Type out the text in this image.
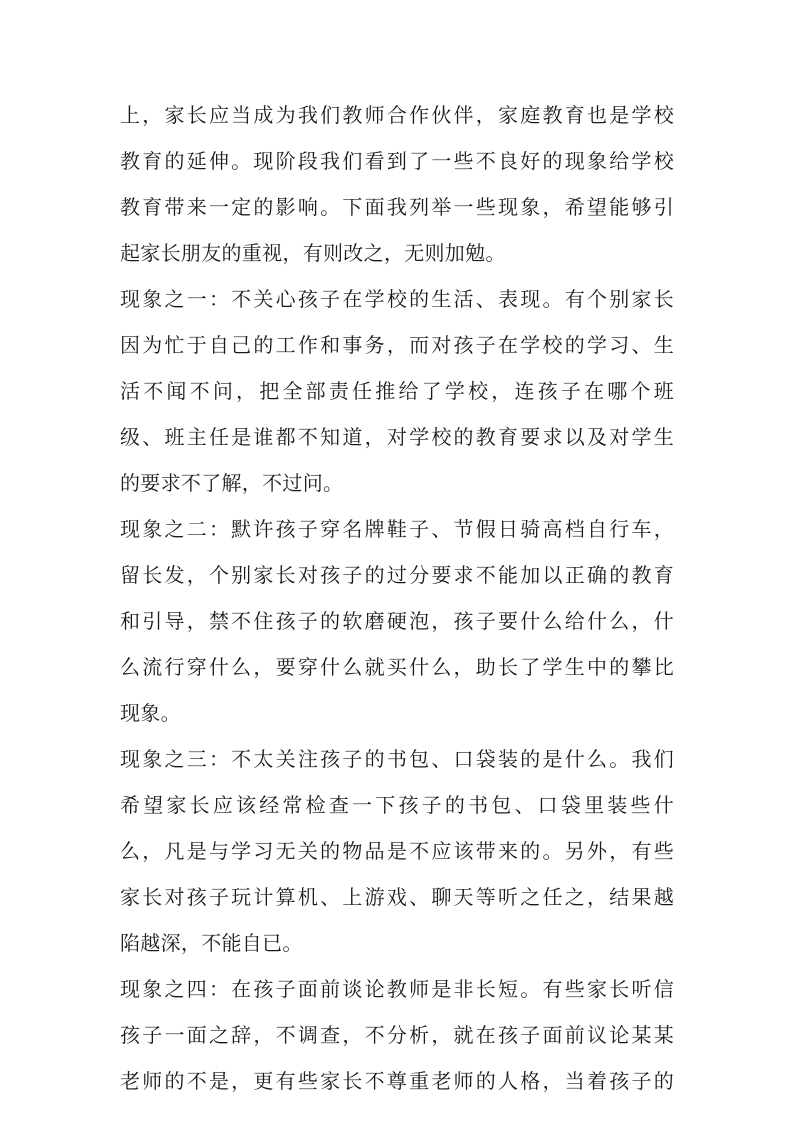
上，家长应当成为我们教师合作伙伴，家庭教育也是学校
教育的延伸。现阶段我们看到了一些不良好的现象给学校
教育带来一定的影响。下面我列举一些现象，希望能够引
起家长朋友的重视，有则改之，无则加勉。
现象之一：不关心孩子在学校的生活、表现。有个别家长
因为忙于自己的工作和事务，而对孩子在学校的学习、生
活不闻不问，把全部责任推给了学校，连孩子在哪个班
级、班主任是谁都不知道，对学校的教育要求以及对学生
的要求不了解，不过问。
现象之二：默许孩子穿名牌鞋子、节假日骑高档自行车，
留长发，个别家长对孩子的过分要求不能加以正确的教育
和引导，禁不住孩子的软磨硬泡，孩子要什么给什么，什
么流行穿什么，要穿什么就买什么，助长了学生中的攀比
现象。
现象之三：不太关注孩子的书包、口袋装的是什么。我们
希望家长应该经常检查一下孩子的书包、口袋里装些什
么，凡是与学习无关的物品是不应该带来的。另外，有些
家长对孩子玩计算机、上游戏、聊天等听之任之，结果越
陷越深，不能自已。
现象之四：在孩子面前谈论教师是非长短。有些家长听信
孩子一面之辞，不调查，不分析，就在孩子面前议论某某
老师的不是，更有些家长不尊重老师的人格，当着孩子的
